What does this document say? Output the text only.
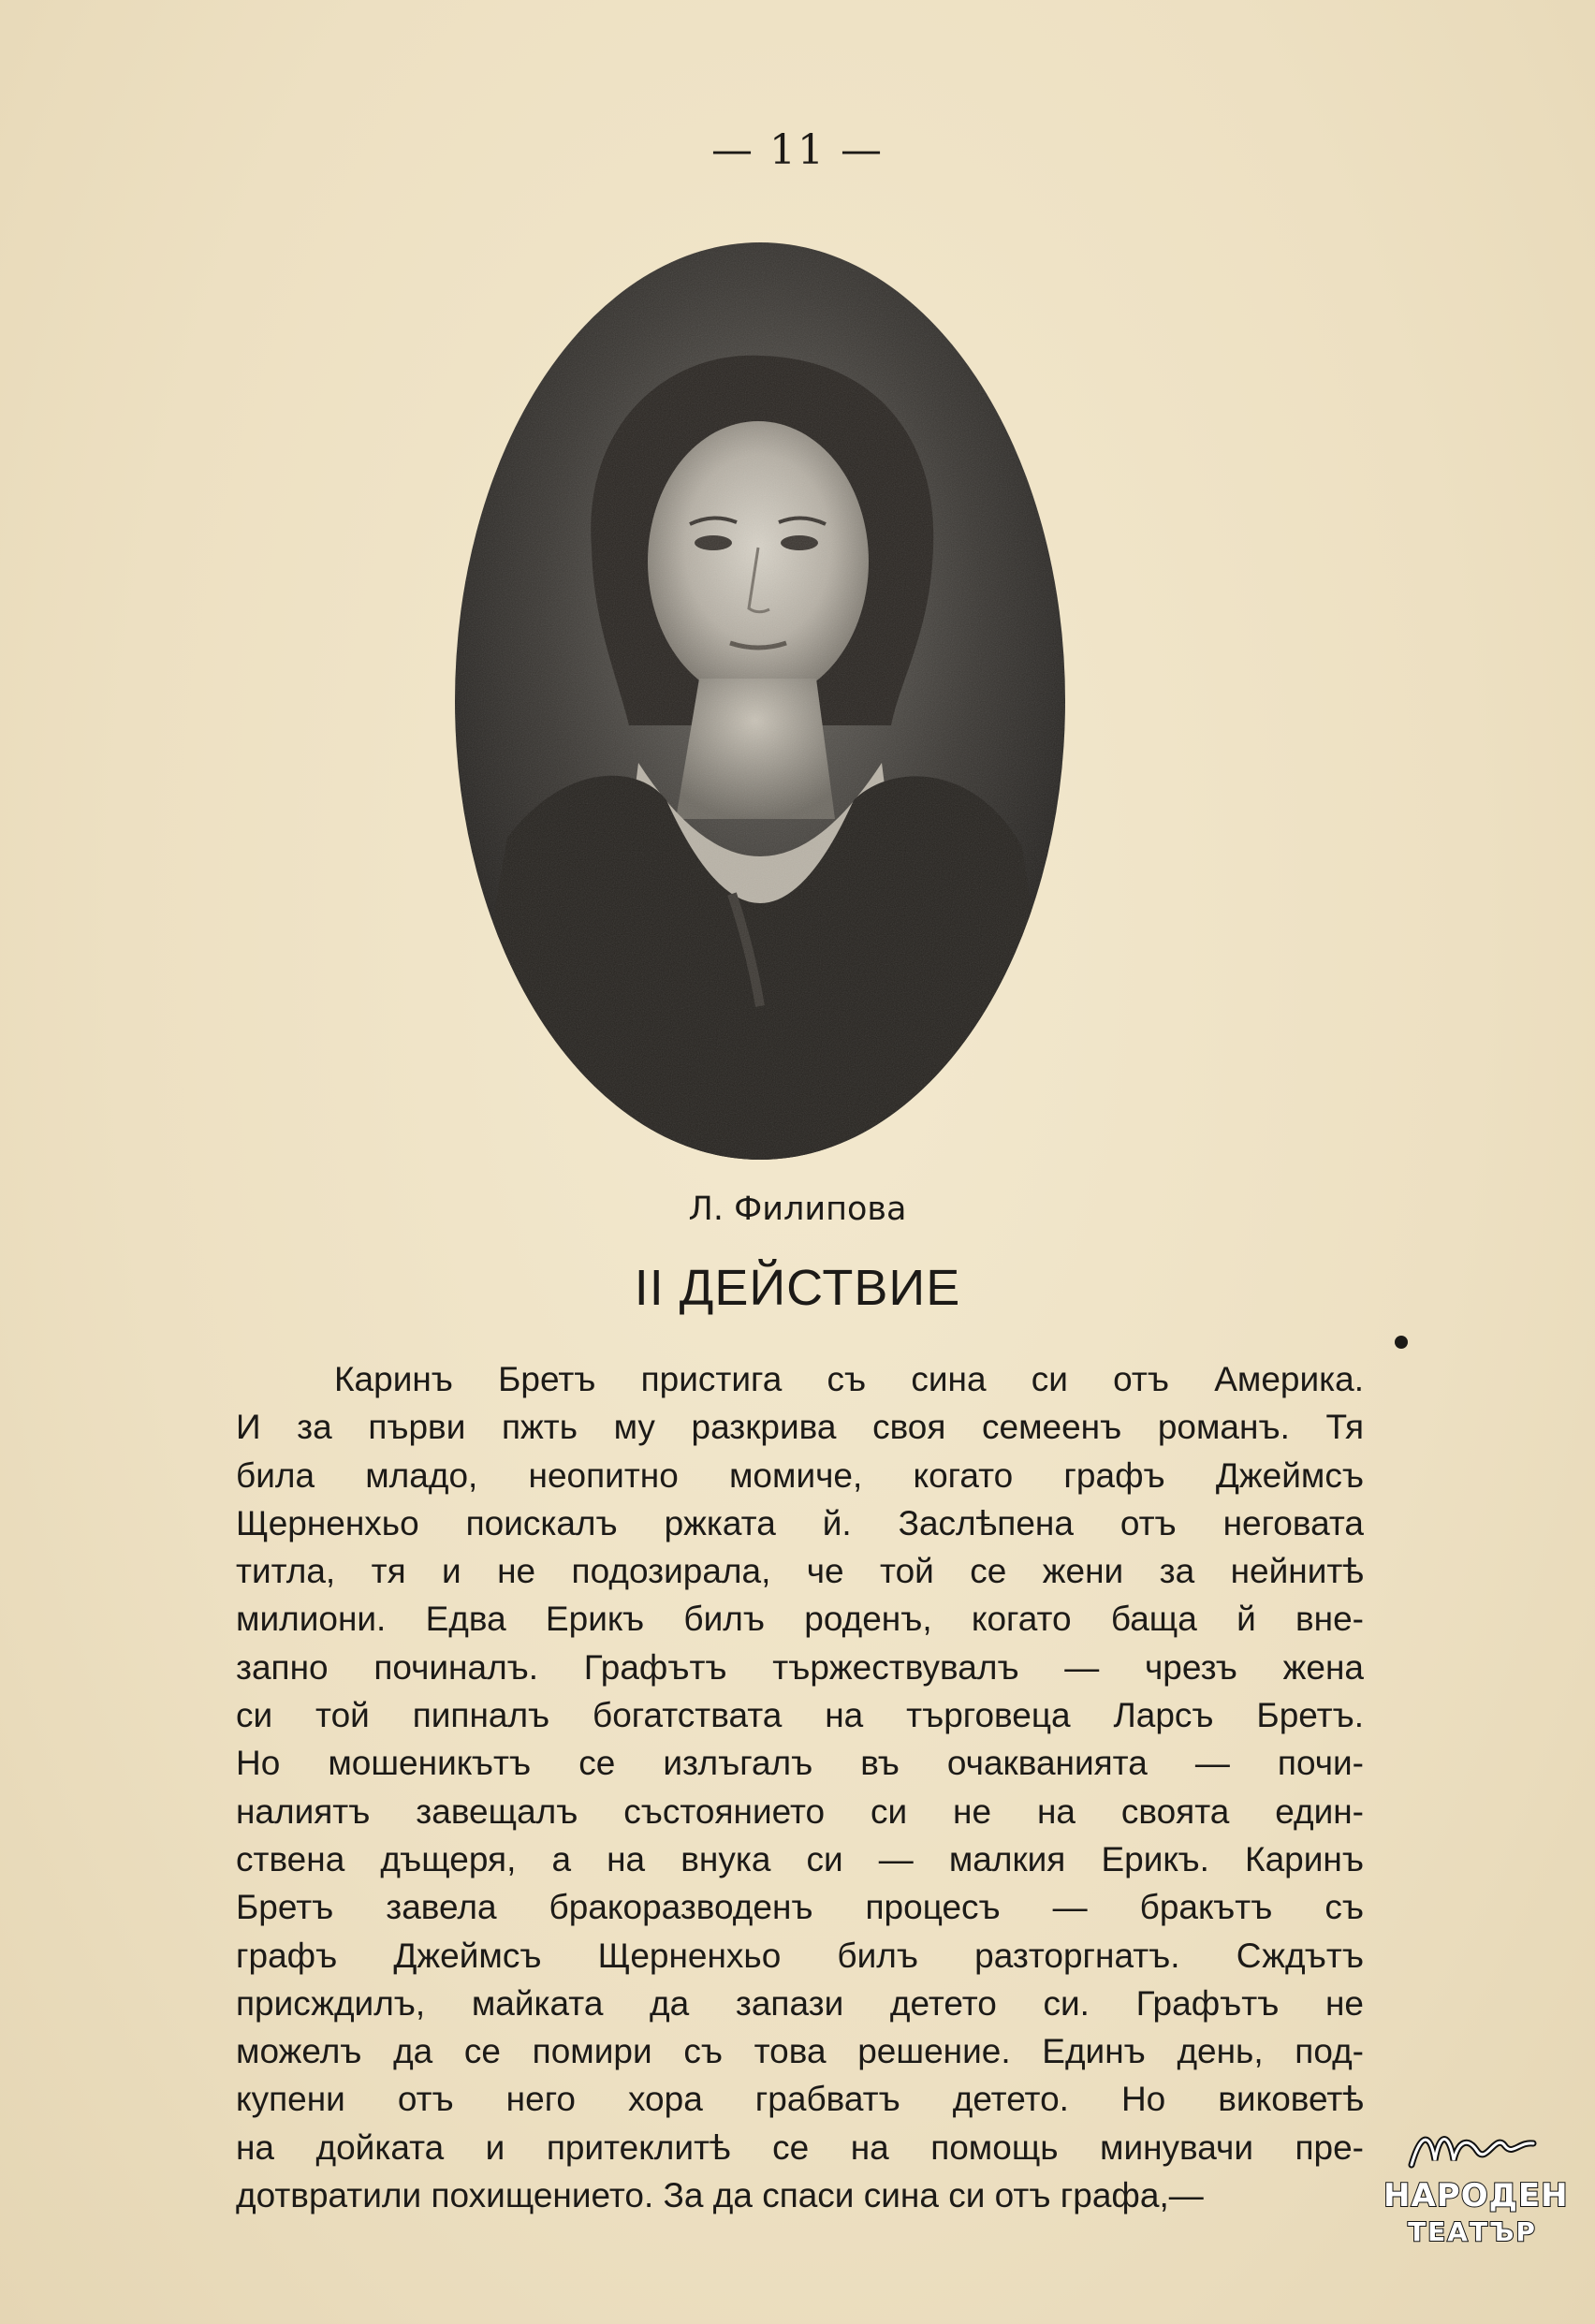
— 11 —
Л. Филипова
II ДЕЙСТВИЕ
Каринъ Бретъ пристига съ сина си отъ Америка.
И за първи пжть му разкрива своя семеенъ романъ. Тя
била младо, неопитно момиче, когато графъ Джеймсъ
Щерненхьо поискалъ ржката й. Заслѣпена отъ неговата
титла, тя и не подозирала, че той се жени за нейнитѣ
милиони. Едва Ерикъ билъ роденъ, когато баща й вне-
запно починалъ. Графътъ тържествувалъ — чрезъ жена
си той пипналъ богатствата на търговеца Ларсъ Бретъ.
Но мошеникътъ се излъгалъ въ очакванията — почи-
налиятъ завещалъ състоянието си не на своята един-
ствена дъщеря, а на внука си — малкия Ерикъ. Каринъ
Бретъ завела бракоразводенъ процесъ — бракътъ съ
графъ Джеймсъ Щерненхьо билъ разторгнатъ. Сждътъ
присждилъ, майката да запази детето си. Графътъ не
можелъ да се помири съ това решение. Единъ день, под-
купени отъ него хора грабватъ детето. Но виковетѣ
на дойката и притеклитѣ се на помощь минувачи пре-
дотвратили похищението. За да спаси сина си отъ графа,—	НАРОДЕН
ТЕАТЪР
